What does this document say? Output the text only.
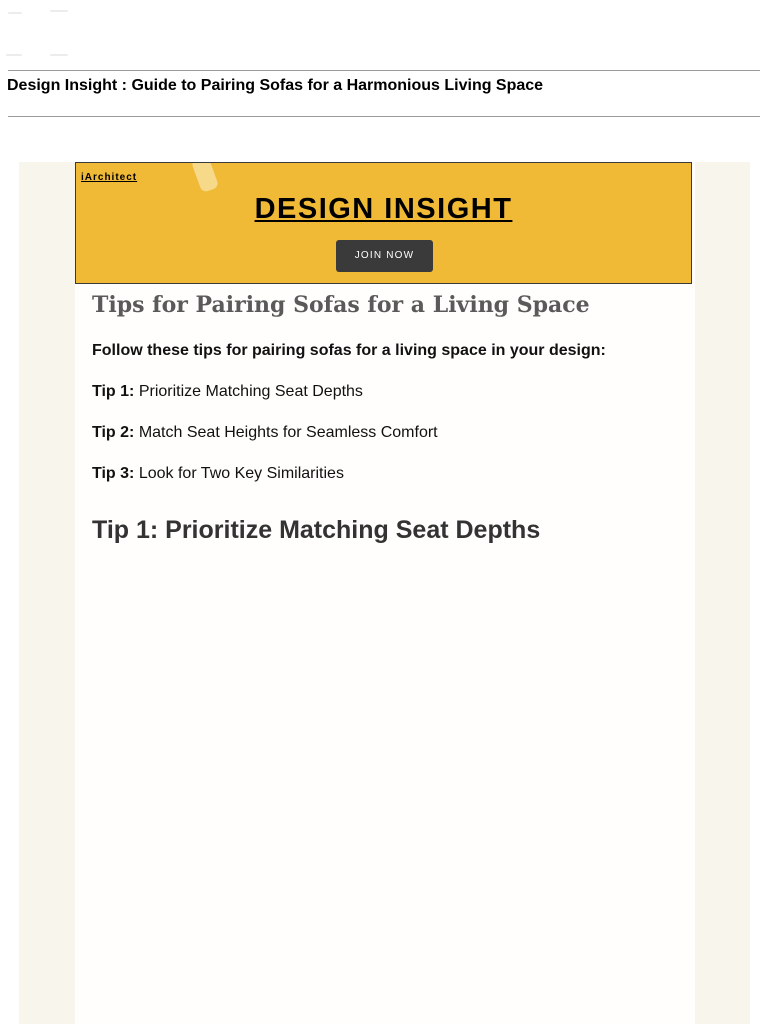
Design Insight : Guide to Pairing Sofas for a Harmonious Living Space
iArchitect
DESIGN INSIGHT
JOIN NOW
Tips for Pairing Sofas for a Living Space
Follow these tips for pairing sofas for a living space in your design:
Tip 1: Prioritize Matching Seat Depths
Tip 2: Match Seat Heights for Seamless Comfort
Tip 3: Look for Two Key Similarities
Tip 1: Prioritize Matching Seat Depths
